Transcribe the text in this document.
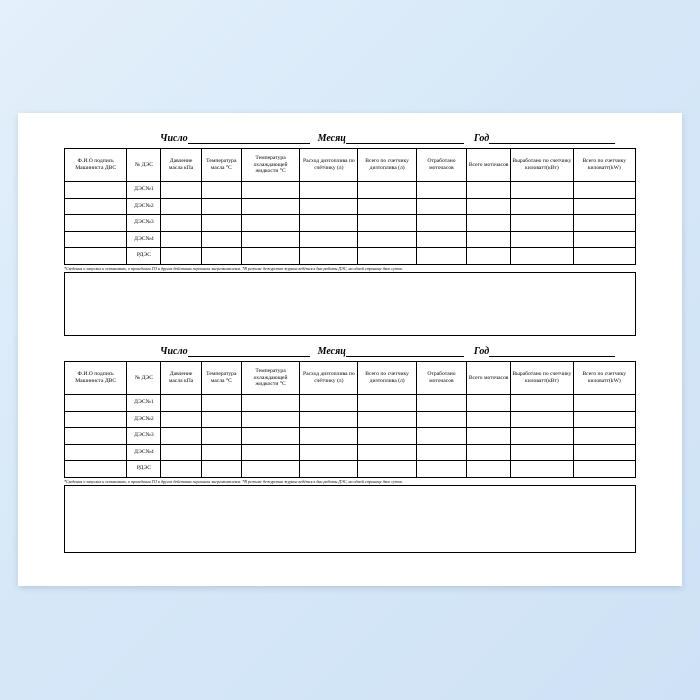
Число	Месяц	Год
Ф.И.О подпись Машиниста ДВС	№ ДЭС	Давление масла кПа	Температура масла °С	Температура охлаждающей жидкости °С	Расход дизтоплива по счётчику (л)	Всего по счетчику дизтоплива (л)	Отработано моточасов	Всего моточасов	Выработано по счетчику киловатт(кВт)	Всего по счетчику киловатт(kW)
	ДЭС№1									
	ДЭС№2									
	ДЭС№3									
	ДЭС№4									
	РДЭС									
*Сведения о запусках и остановках, о проведении ТО и других действиях персонала энергокомплекса. *В режиме дежурства журнал ведётся в дни работы ДЭС, на одной странице двое суток.
Число	Месяц	Год
Ф.И.О подпись Машиниста ДВС	№ ДЭС	Давление масла кПа	Температура масла °С	Температура охлаждающей жидкости °С	Расход дизтоплива по счётчику (л)	Всего по счетчику дизтоплива (л)	Отработано моточасов	Всего моточасов	Выработано по счетчику киловатт(кВт)	Всего по счетчику киловатт(kW)
	ДЭС№1									
	ДЭС№2									
	ДЭС№3									
	ДЭС№4									
	РДЭС									
*Сведения о запусках и остановках, о проведении ТО и других действиях персонала энергокомплекса. *В режиме дежурства журнал ведётся в дни работы ДЭС, на одной странице двое суток.
